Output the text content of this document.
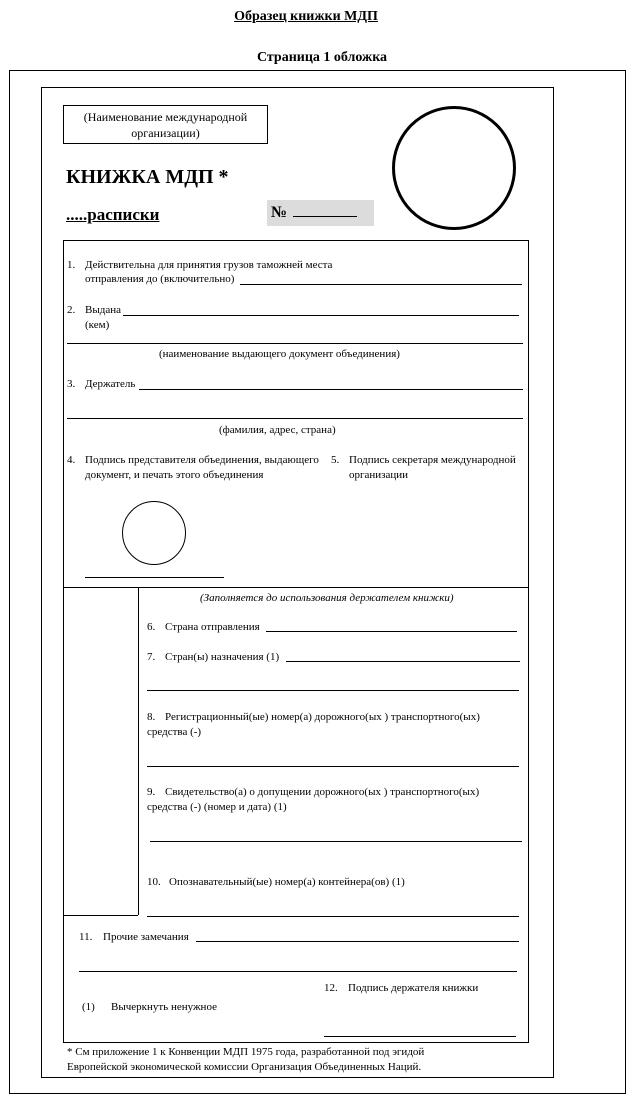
Образец книжки МДП
Страница 1 обложка
(Наименование международной организации)
КНИЖКА МДП *
.....расписки	№
1. Действительна для принятия грузов таможней места
отправления до (включительно)
2. Выдана
(кем)
(наименование выдающего документ объединения)
3. Держатель
(фамилия, адрес, страна)
4. Подпись представителя объединения, выдающего
документ, и печать этого объединения
5. Подпись секретаря международной
организации
(Заполняется до использования держателем книжки)
6. Страна отправления
7. Стран(ы) назначения (1)
8. Регистрационный(ые) номер(а) дорожного(ых ) транспортного(ых)
средства (-)
9. Свидетельство(а) о допущении дорожного(ых ) транспортного(ых)
средства (-) (номер и дата) (1)
10. Опознавательный(ые) номер(а) контейнера(ов) (1)
11. Прочие замечания
12. Подпись держателя книжки
(1) Вычеркнуть ненужное
* См приложение 1 к Конвенции МДП 1975 года, разработанной под эгидой
Европейской экономической комиссии Организация Объединенных Наций.
